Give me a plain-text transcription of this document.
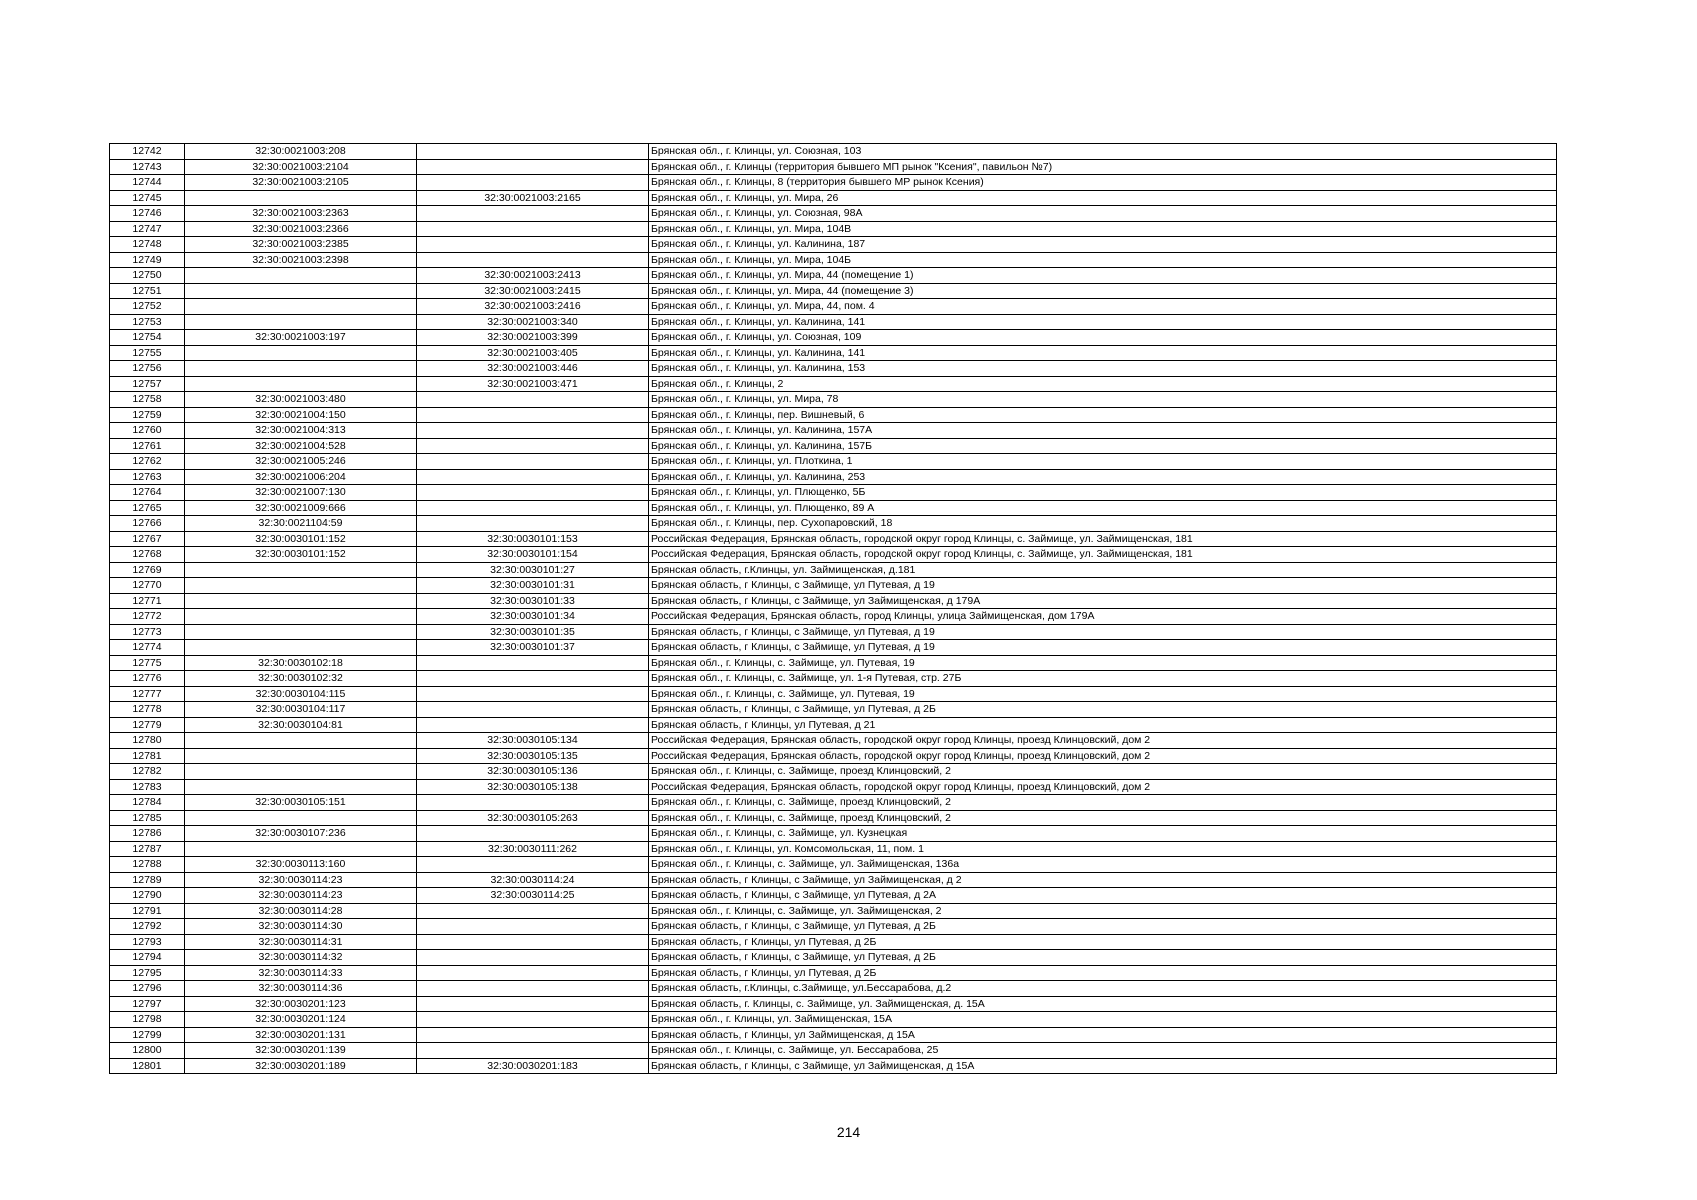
12742	32:30:0021003:208		Брянская обл., г. Клинцы, ул. Союзная, 103
12743	32:30:0021003:2104		Брянская обл., г. Клинцы (территория бывшего МП рынок "Ксения", павильон №7)
12744	32:30:0021003:2105		Брянская обл., г. Клинцы, 8 (территория бывшего МР рынок Ксения)
12745		32:30:0021003:2165	Брянская обл., г. Клинцы, ул. Мира, 26
12746	32:30:0021003:2363		Брянская обл., г. Клинцы, ул. Союзная, 98А
12747	32:30:0021003:2366		Брянская обл., г. Клинцы, ул. Мира, 104В
12748	32:30:0021003:2385		Брянская обл., г. Клинцы, ул. Калинина, 187
12749	32:30:0021003:2398		Брянская обл., г. Клинцы, ул. Мира, 104Б
12750		32:30:0021003:2413	Брянская обл., г. Клинцы, ул. Мира, 44 (помещение 1)
12751		32:30:0021003:2415	Брянская обл., г. Клинцы, ул. Мира, 44 (помещение 3)
12752		32:30:0021003:2416	Брянская обл., г. Клинцы, ул. Мира, 44, пом. 4
12753		32:30:0021003:340	Брянская обл., г. Клинцы, ул. Калинина, 141
12754	32:30:0021003:197	32:30:0021003:399	Брянская обл., г. Клинцы, ул. Союзная, 109
12755		32:30:0021003:405	Брянская обл., г. Клинцы, ул. Калинина, 141
12756		32:30:0021003:446	Брянская обл., г. Клинцы, ул. Калинина, 153
12757		32:30:0021003:471	Брянская обл., г. Клинцы, 2
12758	32:30:0021003:480		Брянская обл., г. Клинцы, ул. Мира, 78
12759	32:30:0021004:150		Брянская обл., г. Клинцы, пер. Вишневый, 6
12760	32:30:0021004:313		Брянская обл., г. Клинцы, ул. Калинина, 157А
12761	32:30:0021004:528		Брянская обл., г. Клинцы, ул. Калинина, 157Б
12762	32:30:0021005:246		Брянская обл., г. Клинцы, ул. Плоткина, 1
12763	32:30:0021006:204		Брянская обл., г. Клинцы, ул. Калинина, 253
12764	32:30:0021007:130		Брянская обл., г. Клинцы, ул. Плющенко, 5Б
12765	32:30:0021009:666		Брянская обл., г. Клинцы, ул. Плющенко, 89 А
12766	32:30:0021104:59		Брянская обл., г. Клинцы, пер. Сухопаровский, 18
12767	32:30:0030101:152	32:30:0030101:153	Российская Федерация, Брянская область, городской округ город Клинцы, с. Займище, ул. Займищенская, 181
12768	32:30:0030101:152	32:30:0030101:154	Российская Федерация, Брянская область, городской округ город Клинцы, с. Займище, ул. Займищенская, 181
12769		32:30:0030101:27	Брянская область, г.Клинцы, ул. Займищенская, д.181
12770		32:30:0030101:31	Брянская область, г Клинцы, с Займище, ул Путевая, д 19
12771		32:30:0030101:33	Брянская область, г Клинцы, с Займище, ул Займищенская, д 179А
12772		32:30:0030101:34	Российская Федерация, Брянская область, город Клинцы, улица Займищенская, дом 179А
12773		32:30:0030101:35	Брянская область, г Клинцы, с Займище, ул Путевая, д 19
12774		32:30:0030101:37	Брянская область, г Клинцы, с Займище, ул Путевая, д 19
12775	32:30:0030102:18		Брянская обл., г. Клинцы, с. Займище, ул. Путевая, 19
12776	32:30:0030102:32		Брянская обл., г. Клинцы, с. Займище, ул. 1-я Путевая, стр. 27Б
12777	32:30:0030104:115		Брянская обл., г. Клинцы, с. Займище, ул. Путевая, 19
12778	32:30:0030104:117		Брянская область, г Клинцы, с Займище, ул Путевая, д 2Б
12779	32:30:0030104:81		Брянская область, г Клинцы, ул Путевая, д 21
12780		32:30:0030105:134	Российская Федерация, Брянская область, городской округ город Клинцы, проезд Клинцовский, дом 2
12781		32:30:0030105:135	Российская Федерация, Брянская область, городской округ город Клинцы, проезд Клинцовский, дом 2
12782		32:30:0030105:136	Брянская обл., г. Клинцы, с. Займище, проезд Клинцовский, 2
12783		32:30:0030105:138	Российская Федерация, Брянская область, городской округ город Клинцы, проезд Клинцовский, дом 2
12784	32:30:0030105:151		Брянская обл., г. Клинцы, с. Займище, проезд Клинцовский, 2
12785		32:30:0030105:263	Брянская обл., г. Клинцы, с. Займище, проезд Клинцовский, 2
12786	32:30:0030107:236		Брянская обл., г. Клинцы, с. Займище, ул. Кузнецкая
12787		32:30:0030111:262	Брянская обл., г. Клинцы, ул. Комсомольская, 11, пом. 1
12788	32:30:0030113:160		Брянская обл., г. Клинцы, с. Займище, ул. Займищенская, 136а
12789	32:30:0030114:23	32:30:0030114:24	Брянская область, г Клинцы, с Займище, ул Займищенская, д 2
12790	32:30:0030114:23	32:30:0030114:25	Брянская область, г Клинцы, с Займище, ул Путевая, д 2А
12791	32:30:0030114:28		Брянская обл., г. Клинцы, с. Займище, ул. Займищенская, 2
12792	32:30:0030114:30		Брянская область, г Клинцы, с Займище, ул Путевая, д 2Б
12793	32:30:0030114:31		Брянская область, г Клинцы, ул Путевая, д 2Б
12794	32:30:0030114:32		Брянская область, г Клинцы, с Займище, ул Путевая, д 2Б
12795	32:30:0030114:33		Брянская область, г Клинцы, ул Путевая, д 2Б
12796	32:30:0030114:36		Брянская область, г.Клинцы, с.Займище, ул.Бессарабова, д.2
12797	32:30:0030201:123		Брянская область, г. Клинцы, с. Займище, ул. Займищенская, д. 15А
12798	32:30:0030201:124		Брянская обл., г. Клинцы, ул. Займищенская, 15А
12799	32:30:0030201:131		Брянская область, г Клинцы, ул Займищенская, д 15А
12800	32:30:0030201:139		Брянская обл., г. Клинцы, с. Займище, ул. Бессарабова, 25
12801	32:30:0030201:189	32:30:0030201:183	Брянская область, г Клинцы, с Займище, ул Займищенская, д 15А
214
